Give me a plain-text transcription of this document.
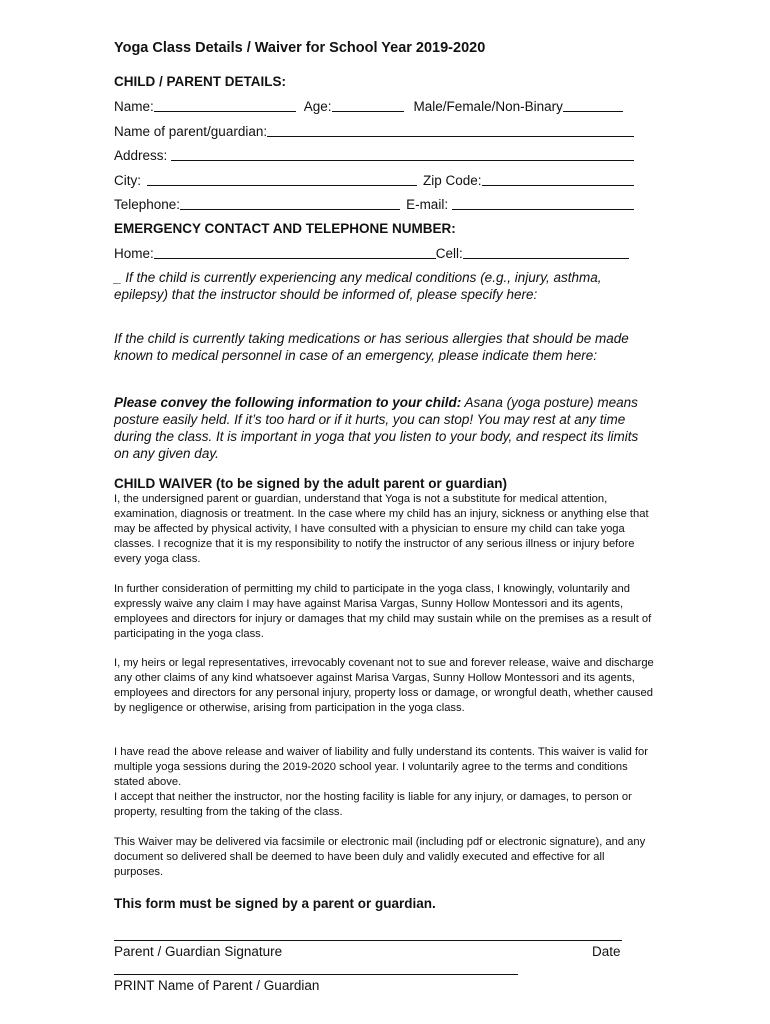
Yoga Class Details / Waiver for School Year 2019-2020
CHILD / PARENT DETAILS:
Name:	Age:	Male/Female/Non-Binary
Name of parent/guardian:
Address:
City:	Zip Code:
Telephone:	E-mail:
EMERGENCY CONTACT AND TELEPHONE NUMBER:
Home:	Cell:
_ If the child is currently experiencing any medical conditions (e.g., injury, asthma, epilepsy) that the instructor should be informed of, please specify here:
If the child is currently taking medications or has serious allergies that should be made known to medical personnel in case of an emergency, please indicate them here:
Please convey the following information to your child: Asana (yoga posture) means posture easily held. If it’s too hard or if it hurts, you can stop! You may rest at any time during the class. It is important in yoga that you listen to your body, and respect its limits on any given day.
CHILD WAIVER (to be signed by the adult parent or guardian)
I, the undersigned parent or guardian, understand that Yoga is not a substitute for medical attention, examination, diagnosis or treatment. In the case where my child has an injury, sickness or anything else that may be affected by physical activity, I have consulted with a physician to ensure my child can take yoga classes. I recognize that it is my responsibility to notify the instructor of any serious illness or injury before every yoga class.
In further consideration of permitting my child to participate in the yoga class, I knowingly, voluntarily and expressly waive any claim I may have against Marisa Vargas, Sunny Hollow Montessori and its agents, employees and directors for injury or damages that my child may sustain while on the premises as a result of participating in the yoga class.
I, my heirs or legal representatives, irrevocably covenant not to sue and forever release, waive and discharge any other claims of any kind whatsoever against Marisa Vargas, Sunny Hollow Montessori and its agents, employees and directors for any personal injury, property loss or damage, or wrongful death, whether caused by negligence or otherwise, arising from participation in the yoga class.
I have read the above release and waiver of liability and fully understand its contents. This waiver is valid for multiple yoga sessions during the 2019-2020 school year. I voluntarily agree to the terms and conditions stated above.
I accept that neither the instructor, nor the hosting facility is liable for any injury, or damages, to person or property, resulting from the taking of the class.
This Waiver may be delivered via facsimile or electronic mail (including pdf or electronic signature), and any document so delivered shall be deemed to have been duly and validly executed and effective for all purposes.
This form must be signed by a parent or guardian.
Parent / Guardian Signature	Date
PRINT Name of Parent / Guardian
